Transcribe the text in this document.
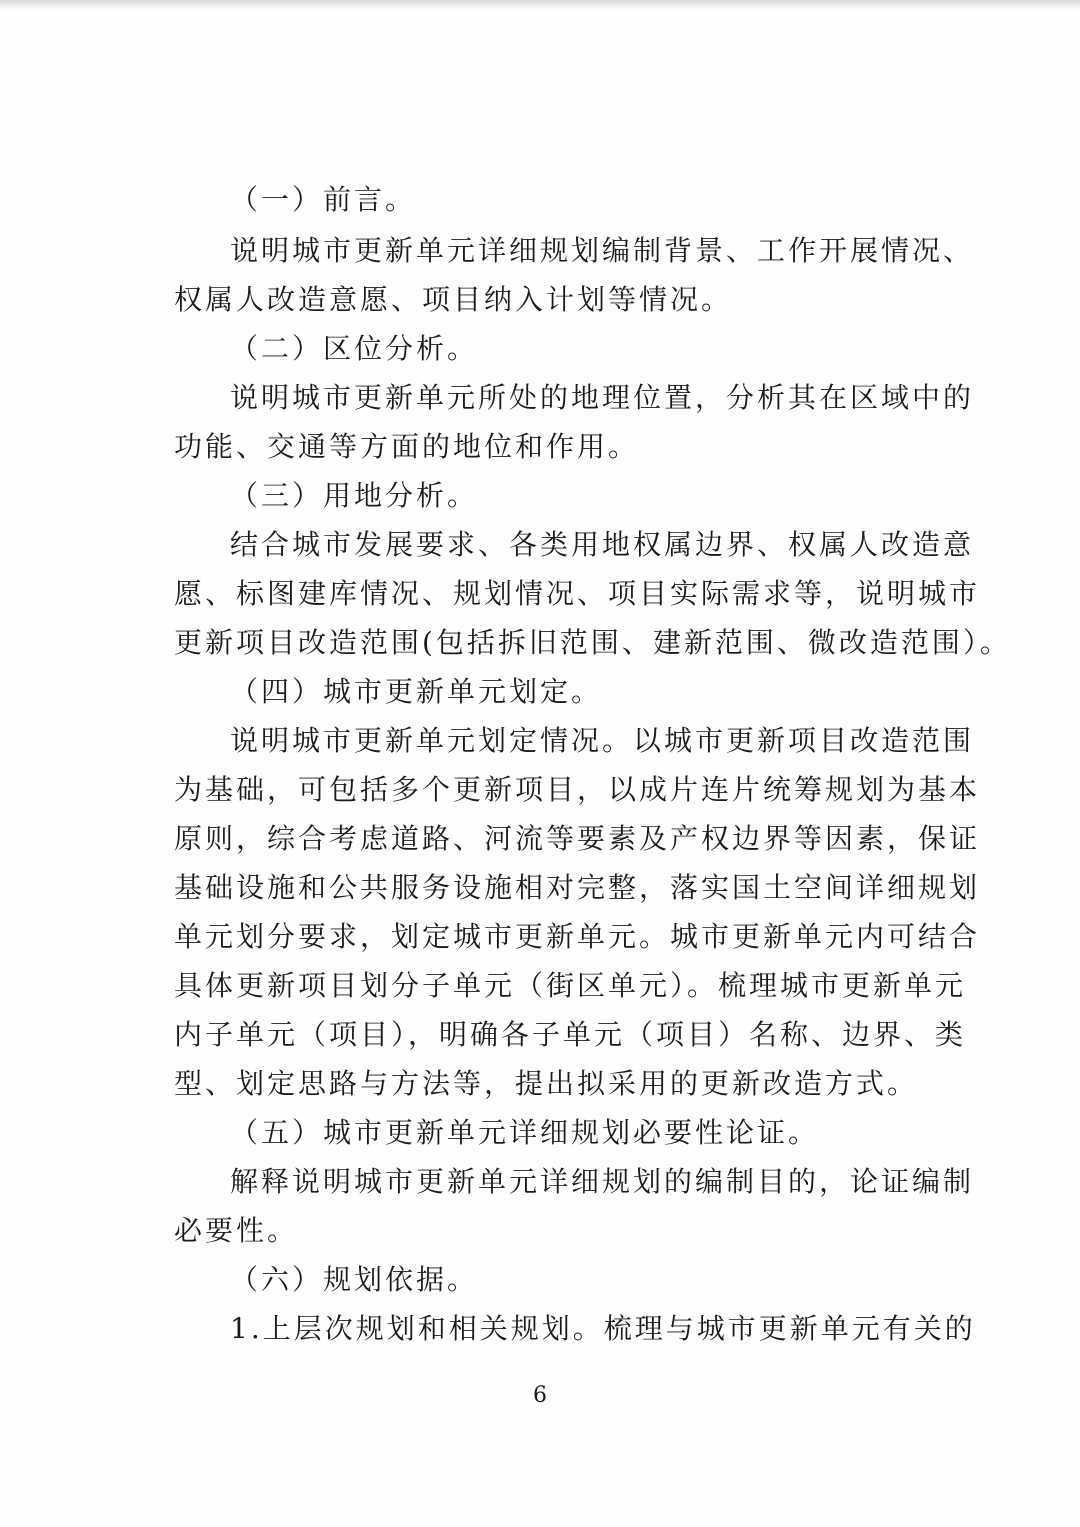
（一）前言。
说明城市更新单元详细规划编制背景、工作开展情况、
权属人改造意愿、项目纳入计划等情况。
（二）区位分析。
说明城市更新单元所处的地理位置，分析其在区域中的
功能、交通等方面的地位和作用。
（三）用地分析。
结合城市发展要求、各类用地权属边界、权属人改造意
愿、标图建库情况、规划情况、项目实际需求等，说明城市
更新项目改造范围(包括拆旧范围、建新范围、微改造范围）。
（四）城市更新单元划定。
说明城市更新单元划定情况。以城市更新项目改造范围
为基础，可包括多个更新项目，以成片连片统筹规划为基本
原则，综合考虑道路、河流等要素及产权边界等因素，保证
基础设施和公共服务设施相对完整，落实国土空间详细规划
单元划分要求，划定城市更新单元。城市更新单元内可结合
具体更新项目划分子单元（街区单元）。梳理城市更新单元
内子单元（项目），明确各子单元（项目）名称、边界、类
型、划定思路与方法等，提出拟采用的更新改造方式。
（五）城市更新单元详细规划必要性论证。
解释说明城市更新单元详细规划的编制目的，论证编制
必要性。
（六）规划依据。
1.上层次规划和相关规划。梳理与城市更新单元有关的
6
